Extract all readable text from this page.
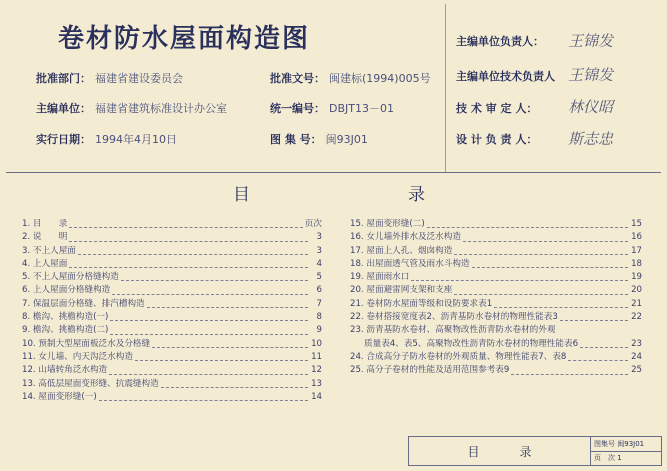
卷材防水屋面构造图
批准部门： 福建省建设委员会	批准文号： 闽建标(1994)005号
主编单位： 福建省建筑标准设计办公室	统一编号： DBJT13－01
实行日期： 1994年4月10日	图 集 号： 闽93J01
主编单位负责人： 王锦发
主编单位技术负责人 王锦发
技 术 审 定 人： 林仪昭
设 计 负 责 人： 斯志忠
目	录
1. 目　　录	页次
2. 说　　明	3
3. 不上人屋面	3
4. 上人屋面	4
5. 不上人屋面分格缝构造	5
6. 上人屋面分格缝构造	6
7. 保温层面分格缝、排汽槽构造	7
8. 檐沟、挑檐构造(一)	8
9. 檐沟、挑檐构造(二)	9
10. 预制大型屋面板泛水及分格缝	10
11. 女儿墙、内天沟泛水构造	11
12. 山墙转角泛水构造	12
13. 高低层屋面变形缝、抗震缝构造	13
14. 屋面变形缝(一)	14
15. 屋面变形缝(二)	15
16. 女儿墙外排水及泛水构造	16
17. 屋面上人孔、烟囱构造	17
18. 出屋面透气管及雨水斗构造	18
19. 屋面雨水口	19
20. 屋面避雷网支架和支座	20
21. 卷材防水屋面等级和设防要求表1	21
22. 卷材搭接宽度表2、沥青基防水卷材的物理性能表3	22
23. 沥青基防水卷材、高聚物改性沥青防水卷材的外观
质量表4、表5、高聚物改性沥青防水卷材的物理性能表6	23
24. 合成高分子防水卷材的外观质量、物理性能表7、表8	24
25. 高分子卷材的性能及适用范围参考表9	25
目 录
图集号
闽93J01
页　次
1
